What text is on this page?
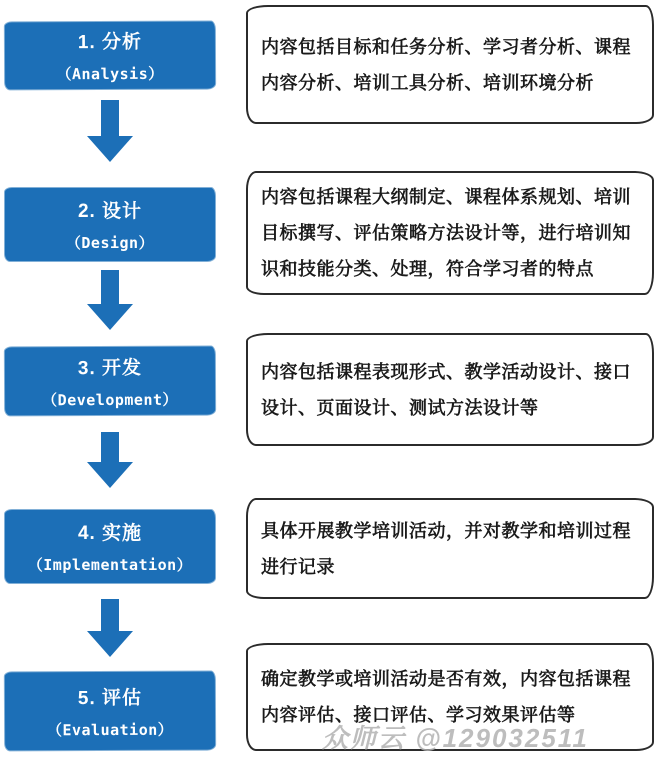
1. 分析
（Analysis）

内容包括目标和任务分析、学习者分析、课程内容分析、培训工具分析、培训环境分析

2. 设计
（Design）

内容包括课程大纲制定、课程体系规划、培训目标撰写、评估策略方法设计等，进行培训知识和技能分类、处理，符合学习者的特点

3. 开发
（Development）

内容包括课程表现形式、教学活动设计、接口设计、页面设计、测试方法设计等

4. 实施
（Implementation）

具体开展教学培训活动，并对教学和培训过程进行记录

5. 评估
（Evaluation）

确定教学或培训活动是否有效，内容包括课程内容评估、接口评估、学习效果评估等

众师云 @129032511
